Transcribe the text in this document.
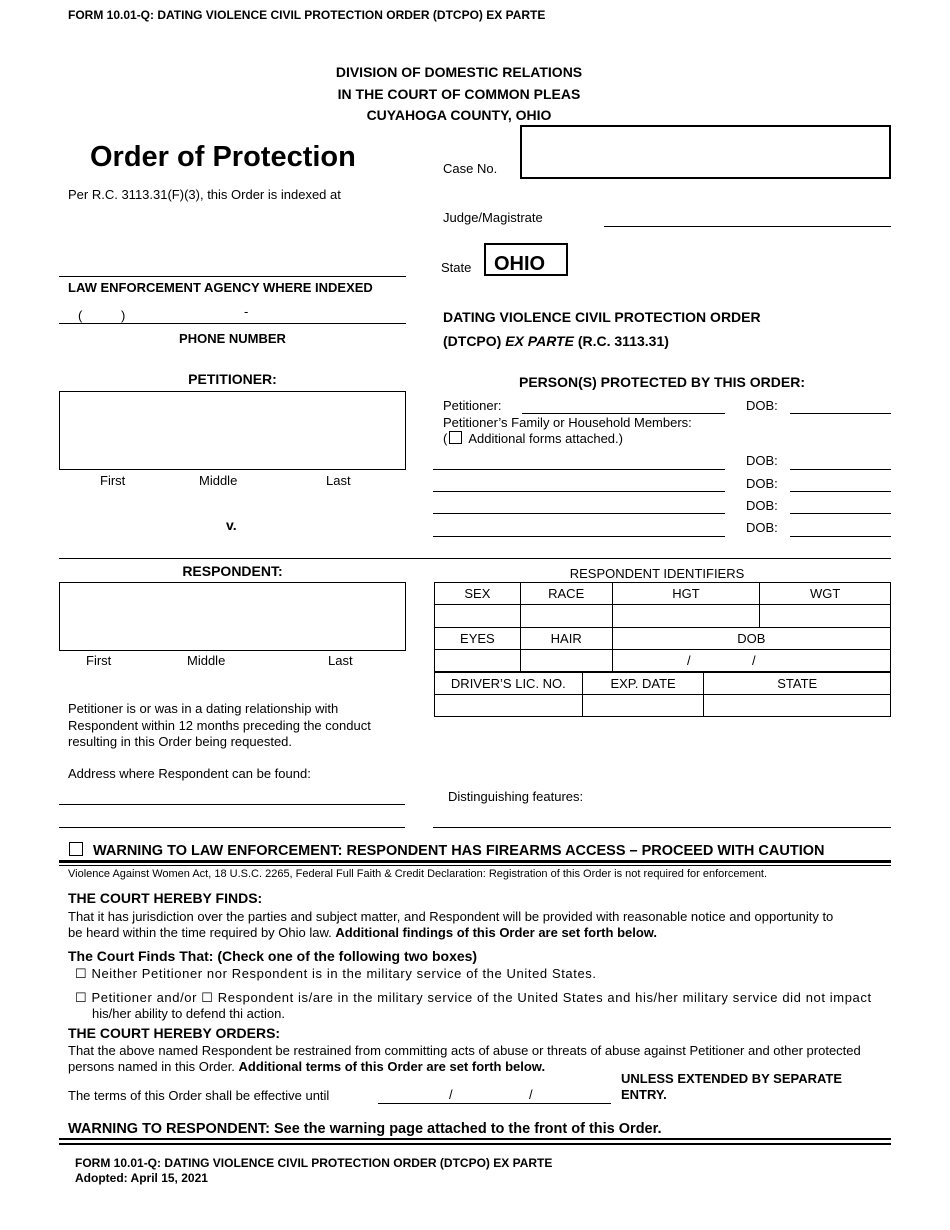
FORM 10.01-Q: DATING VIOLENCE CIVIL PROTECTION ORDER (DTCPO) EX PARTE
DIVISION OF DOMESTIC RELATIONS
IN THE COURT OF COMMON PLEAS
CUYAHOGA COUNTY, OHIO
Order of Protection
Per R.C. 3113.31(F)(3), this Order is indexed at
LAW ENFORCEMENT AGENCY WHERE INDEXED
(	)	-
PHONE NUMBER
PETITIONER:
First	Middle	Last
v.
RESPONDENT:
First	Middle	Last
Petitioner is or was in a dating relationship with Respondent within 12 months preceding the conduct resulting in this Order being requested.
Address where Respondent can be found:
Case No.
Judge/Magistrate
State	OHIO
DATING VIOLENCE CIVIL PROTECTION ORDER
(DTCPO) EX PARTE (R.C. 3113.31)
PERSON(S) PROTECTED BY THIS ORDER:
Petitioner:	DOB:
Petitioner’s Family or Household Members:
( Additional forms attached.)
DOB:
DOB:
DOB:
DOB:
RESPONDENT IDENTIFIERS
SEX	RACE	HGT	WGT

EYES	HAIR	DOB	
		/                 /	
DRIVER’S LIC. NO.	EXP. DATE	STATE

Distinguishing features:
WARNING TO LAW ENFORCEMENT: RESPONDENT HAS FIREARMS ACCESS – PROCEED WITH CAUTION
Violence Against Women Act, 18 U.S.C. 2265, Federal Full Faith & Credit Declaration: Registration of this Order is not required for enforcement.
THE COURT HEREBY FINDS:
That it has jurisdiction over the parties and subject matter, and Respondent will be provided with reasonable notice and opportunity to be heard within the time required by Ohio law. Additional findings of this Order are set forth below.
The Court Finds That: (Check one of the following two boxes)
☐ Neither Petitioner nor Respondent is in the military service of the United States.
☐ Petitioner and/or ☐ Respondent is/are in the military service of the United States and his/her military service did not impact
his/her ability to defend thi action.
THE COURT HEREBY ORDERS:
That the above named Respondent be restrained from committing acts of abuse or threats of abuse against Petitioner and other protected persons named in this Order. Additional terms of this Order are set forth below.
The terms of this Order shall be effective until	/	/
UNLESS EXTENDED BY SEPARATE
ENTRY.
WARNING TO RESPONDENT: See the warning page attached to the front of this Order.
FORM 10.01-Q: DATING VIOLENCE CIVIL PROTECTION ORDER (DTCPO) EX PARTE
Adopted: April 15, 2021
